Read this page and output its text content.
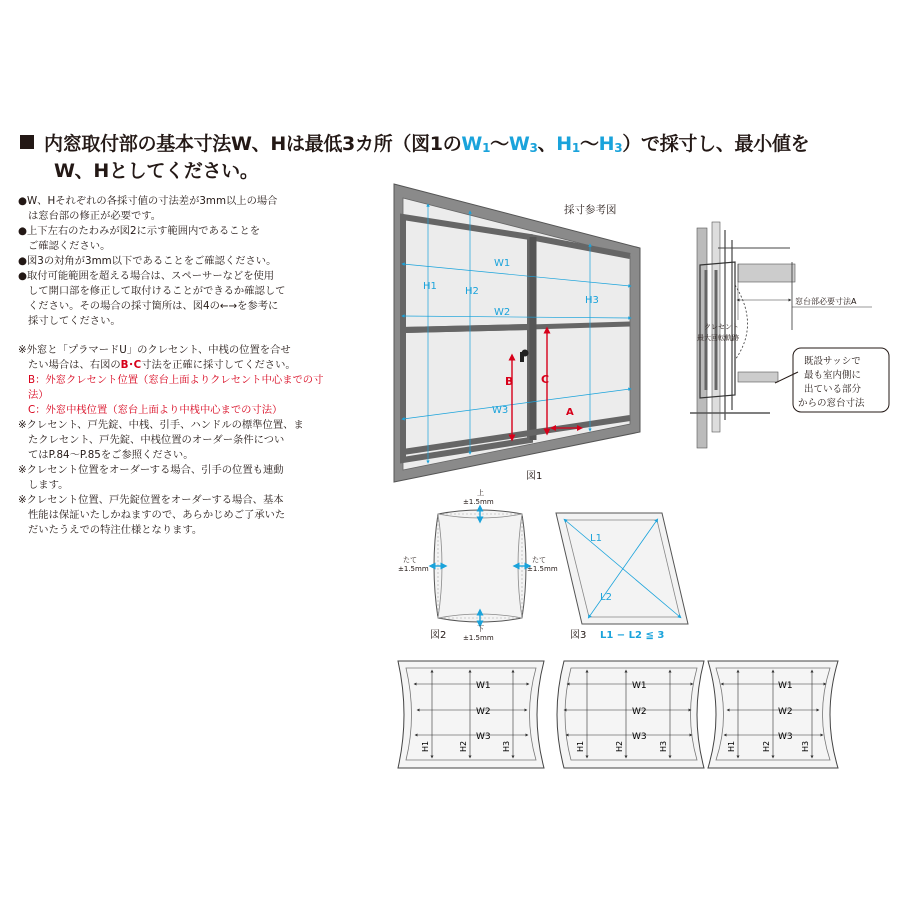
内窓取付部の基本寸法W、Hは最低3カ所（図1のW1〜W3、H1〜H3）で採寸し、最小値を
W、Hとしてください。

●W、Hそれぞれの各採寸値の寸法差が3mm以上の場合

は窓台部の修正が必要です。

●上下左右のたわみが図2に示す範囲内であることを

ご確認ください。

●図3の対角が3mm以下であることをご確認ください。

●取付可能範囲を超える場合は、スペーサーなどを使用

して開口部を修正して取付けることができるか確認して

ください。その場合の採寸箇所は、図4の←→を参考に

採寸してください。

※外窓と「プラマードU」のクレセント、中桟の位置を合せ

たい場合は、右図のB･C寸法を正確に採寸してください。

B：外窓クレセント位置（窓台上面よりクレセント中心までの寸法）

C：外窓中桟位置（窓台上面より中桟中心までの寸法）

※クレセント、戸先錠、中桟、引手、ハンドルの標準位置、ま

たクレセント、戸先錠、中桟位置のオーダー条件につい

てはP.84〜P.85をご参照ください。

※クレセント位置をオーダーする場合、引手の位置も連動

します。

※クレセント位置、戸先錠位置をオーダーする場合、基本

性能は保証いたしかねますので、あらかじめご了承いた

だいたうえでの特注仕様となります。

H1	H2
H3
W1
W2
W3
B	C
A
採寸参考図
図1
窓台部必要寸法A
クレセント
最大回転軌跡
既設サッシで
最も室内側に
出ている部分
からの窓台寸法
上
±1.5mm
下
±1.5mm
たて
±1.5mm
たて
±1.5mm
図2
L1
L2
図3 L1 − L2 ≦ 3
W1
W2
W3
H1	H2	H3
W1
W2
W3
H1	H2	H3
W1
W2
W3
H1	H2	H3
